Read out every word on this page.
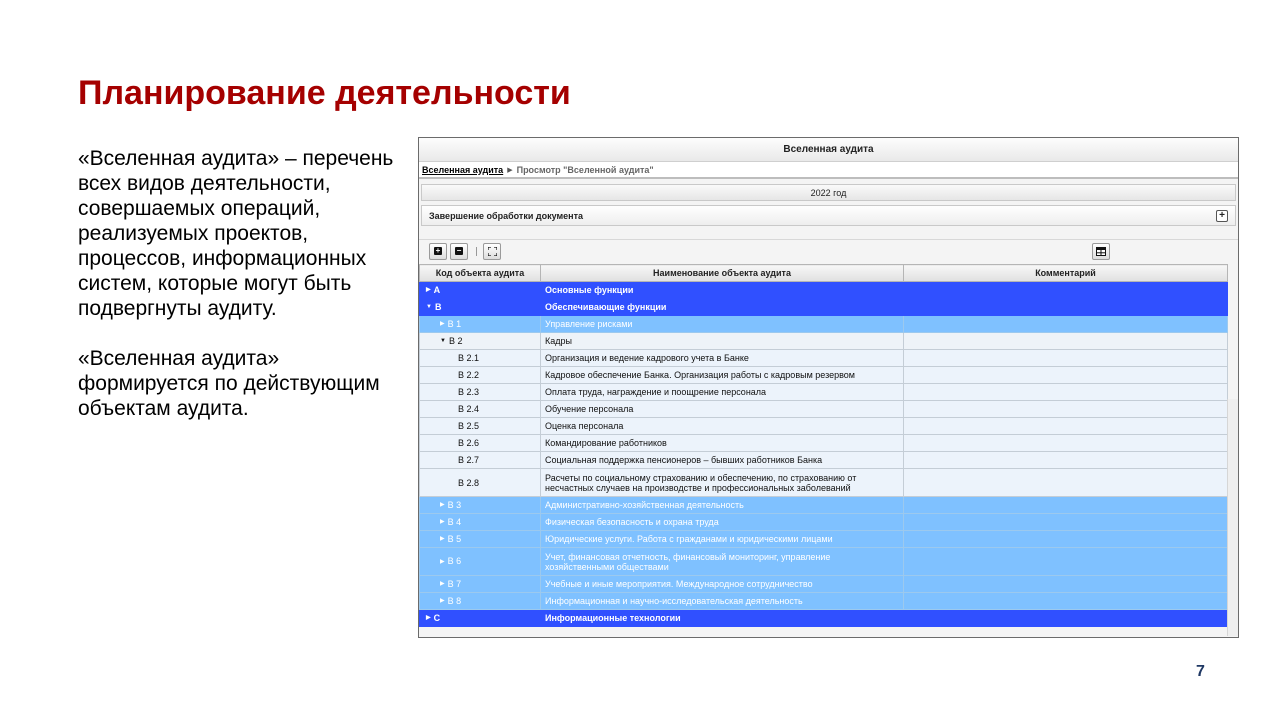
Планирование деятельности

«Вселенная аудита» – перечень всех видов деятельности, совершаемых операций, реализуемых проектов, процессов, информационных систем, которые могут быть подвергнуты аудиту.

«Вселенная аудита» формируется по действующим объектам аудита.

Вселенная аудита
Вселенная аудита ▶ Просмотр "Вселенной аудита"
2022 год
Завершение обработки документа	+
+ −
Код объекта аудита	Наименование объекта аудита	Комментарий
▶ A	Основные функции	
▼ B	Обеспечивающие функции	
▶ B 1	Управление рисками	
▼ B 2	Кадры	
B 2.1	Организация и ведение кадрового учета в Банке	
B 2.2	Кадровое обеспечение Банка. Организация работы с кадровым резервом	
B 2.3	Оплата труда, награждение и поощрение персонала	
B 2.4	Обучение персонала	
B 2.5	Оценка персонала	
B 2.6	Командирование работников	
B 2.7	Социальная поддержка пенсионеров – бывших работников Банка	
B 2.8	Расчеты по социальному страхованию и обеспечению, по страхованию от несчастных случаев на производстве и профессиональных заболеваний	
▶ B 3	Административно-хозяйственная деятельность	
▶ B 4	Физическая безопасность и охрана труда	
▶ B 5	Юридические услуги. Работа с гражданами и юридическими лицами	
▶ B 6	Учет, финансовая отчетность, финансовый мониторинг, управление хозяйственными обществами	
▶ B 7	Учебные и иные мероприятия. Международное сотрудничество	
▶ B 8	Информационная и научно-исследовательская деятельность	
▶ C	Информационные технологии	
7
